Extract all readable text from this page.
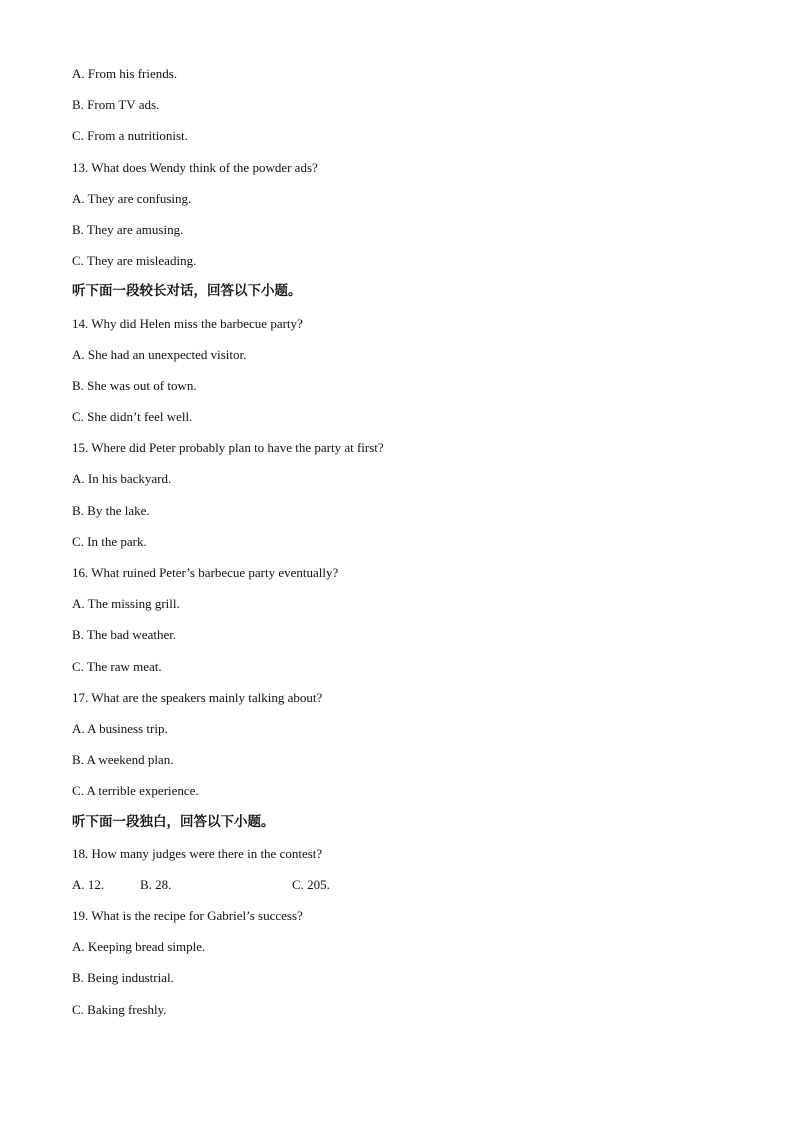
A. From his friends.
B. From TV ads.
C. From a nutritionist.
13. What does Wendy think of the powder ads?
A. They are confusing.
B. They are amusing.
C. They are misleading.
听下面一段较长对话，回答以下小题。
14. Why did Helen miss the barbecue party?
A. She had an unexpected visitor.
B. She was out of town.
C. She didn’t feel well.
15. Where did Peter probably plan to have the party at first?
A. In his backyard.
B. By the lake.
C. In the park.
16. What ruined Peter’s barbecue party eventually?
A. The missing grill.
B. The bad weather.
C. The raw meat.
17. What are the speakers mainly talking about?
A. A business trip.
B. A weekend plan.
C. A terrible experience.
听下面一段独白，回答以下小题。
18. How many judges were there in the contest?
A. 12.	B. 28.	C. 205.
19. What is the recipe for Gabriel’s success?
A. Keeping bread simple.
B. Being industrial.
C. Baking freshly.
